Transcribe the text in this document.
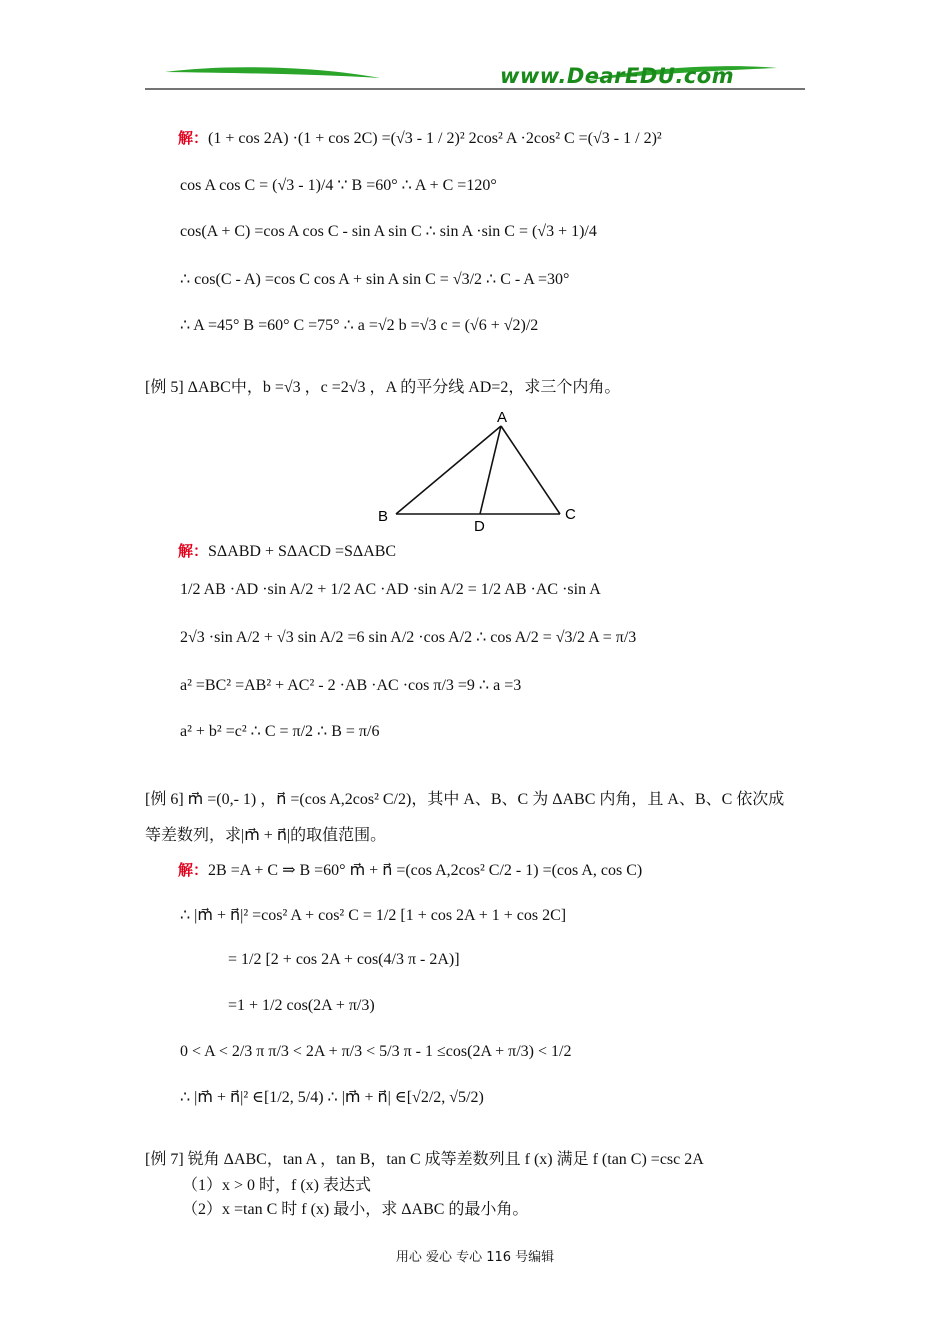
www.DearEDU.com
解：(1 + cos 2A) ·(1 + cos 2C) =(√3 - 1 / 2)² 2cos² A ·2cos² C =(√3 - 1 / 2)²
cos A cos C = (√3 - 1)/4 ∵ B =60° ∴ A + C =120°
cos(A + C) =cos A cos C - sin A sin C ∴ sin A ·sin C = (√3 + 1)/4
∴ cos(C - A) =cos C cos A + sin A sin C = √3/2 ∴ C - A =30°
∴ A =45° B =60° C =75° ∴ a =√2 b =√3 c = (√6 + √2)/2
[例 5] ΔABC中，b =√3 ，c =2√3 ，A 的平分线 AD=2，求三个内角。
A
B	C
D
解：SΔABD + SΔACD =SΔABC
1/2 AB ·AD ·sin A/2 + 1/2 AC ·AD ·sin A/2 = 1/2 AB ·AC ·sin A
2√3 ·sin A/2 + √3 sin A/2 =6 sin A/2 ·cos A/2 ∴ cos A/2 = √3/2 A = π/3
a² =BC² =AB² + AC² - 2 ·AB ·AC ·cos π/3 =9 ∴ a =3
a² + b² =c² ∴ C = π/2 ∴ B = π/6
[例 6] m⃗ =(0,- 1) ，n⃗ =(cos A,2cos² C/2)，其中 A、B、C 为 ΔABC 内角，且 A、B、C 依次成
等差数列，求|m⃗ + n⃗|的取值范围。
解：2B =A + C ⇒ B =60° m⃗ + n⃗ =(cos A,2cos² C/2 - 1) =(cos A, cos C)
∴ |m⃗ + n⃗|² =cos² A + cos² C = 1/2 [1 + cos 2A + 1 + cos 2C]
= 1/2 [2 + cos 2A + cos(4/3 π - 2A)]
=1 + 1/2 cos(2A + π/3)
0 < A < 2/3 π π/3 < 2A + π/3 < 5/3 π - 1 ≤cos(2A + π/3) < 1/2
∴ |m⃗ + n⃗|² ∈[1/2, 5/4) ∴ |m⃗ + n⃗| ∈[√2/2, √5/2)
[例 7] 锐角 ΔABC，tan A ，tan B，tan C 成等差数列且 f (x) 满足 f (tan C) =csc 2A
（1）x > 0 时，f (x) 表达式
（2）x =tan C 时 f (x) 最小，求 ΔABC 的最小角。
用心 爱心 专心 116 号编辑
